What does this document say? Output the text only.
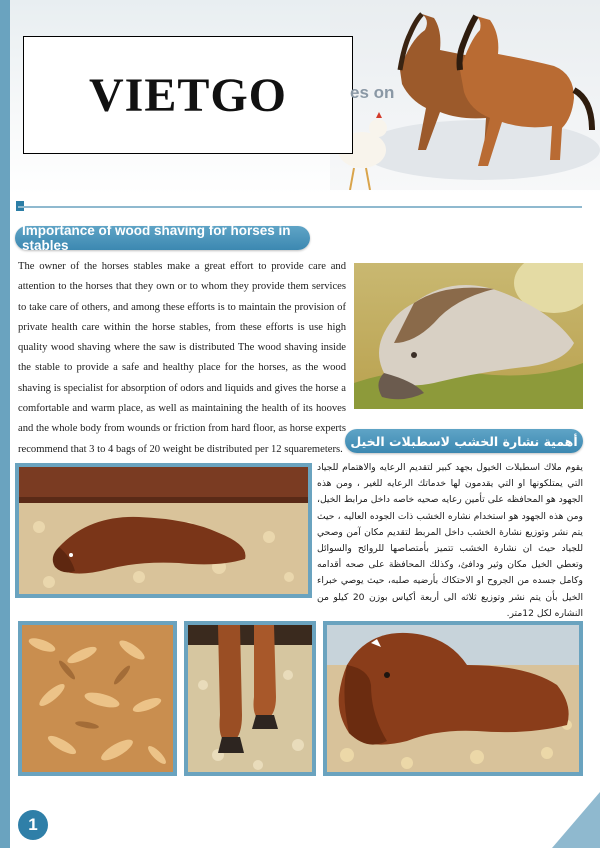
VIETGO	es on
Importance of wood shaving for horses in stables

The owner of the horses stables make a great effort to provide care and attention to the horses that they own or to whom they provide them services to take care of others, and among these efforts is to maintain the provision of private health care within the horse stables, from these efforts is use high quality wood shaving where the saw is distributed The wood shaving inside the stable to provide a safe and healthy place for the horses, as the wood shaving is specialist for absorption of odors and liquids and gives the horse a comfortable and warm place, as well as maintaining the health of its hooves and the whole body from wounds or friction from hard floor, as horse experts recommend that 3 to 4 bags of 20 weight be distributed per 12 squaremeters.

أهمية نشارة الخشب لاسطبلات الخيل

يقوم ملاك اسطبلات الخيول بجهد كبير لتقديم الرعايه والاهتمام للجياد التي يمتلكونها او التي يقدمون لها خدماتك الرعايه للغير ، ومن هذه الجهود هو المحافظه على تأمين رعايه صحيه خاصه داخل مرابط الخيل، ومن هذه الجهود هو استخدام نشاره الخشب ذات الجوده العاليه ، حيث يتم نشر وتوزيع نشارة الخشب داخل المربط لتقديم مكان آمن وصحي للجياد حيث ان نشارة الخشب تتميز بأمتصاصها للروائح والسوائل وتعطي الخيل مكان وثير ودافئ، وكذلك المحافظة على صحه أقدامه وكامل جسده من الجروح او الاحتكاك بأرضيه صلبه، حيث يوصي خبراء الخيل بأن يتم نشر وتوزيع ثلاثه الى أربعة أكياس بوزن 20 كيلو من النشاره لكل 12متر.

1
